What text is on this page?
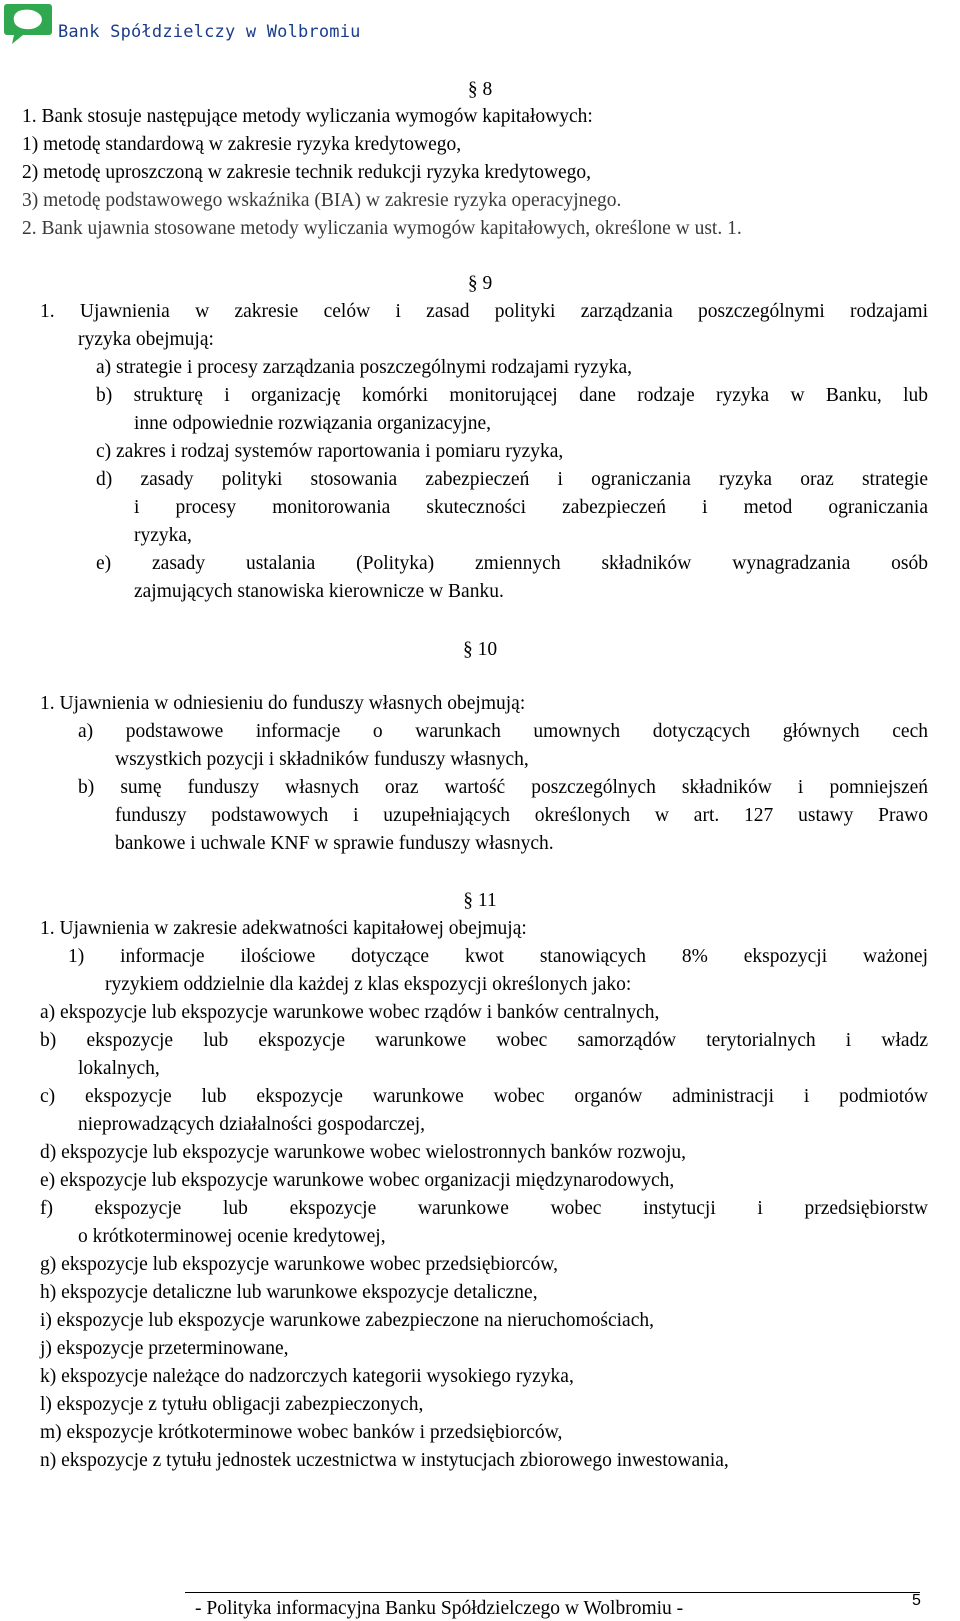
Bank Spółdzielczy w Wolbromiu
§ 8
1. Bank stosuje następujące metody wyliczania wymogów kapitałowych:
1) metodę standardową w zakresie ryzyka kredytowego,
2) metodę uproszczoną w zakresie technik redukcji ryzyka kredytowego,
3) metodę podstawowego wskaźnika (BIA) w zakresie ryzyka operacyjnego.
2. Bank ujawnia stosowane metody wyliczania wymogów kapitałowych, określone w ust. 1.
§ 9
1. Ujawnienia w zakresie celów i zasad polityki zarządzania poszczególnymi rodzajami
ryzyka obejmują:
a) strategie i procesy zarządzania poszczególnymi rodzajami ryzyka,
b) strukturę i organizację komórki monitorującej dane rodzaje ryzyka w Banku, lub
inne odpowiednie rozwiązania organizacyjne,
c) zakres i rodzaj systemów raportowania i pomiaru ryzyka,
d) zasady polityki stosowania zabezpieczeń i ograniczania ryzyka oraz strategie
i procesy monitorowania skuteczności zabezpieczeń i metod ograniczania
ryzyka,
e) zasady ustalania (Polityka) zmiennych składników wynagradzania osób
zajmujących stanowiska kierownicze w Banku.
§ 10
1. Ujawnienia w odniesieniu do funduszy własnych obejmują:
a) podstawowe informacje o warunkach umownych dotyczących głównych cech
wszystkich pozycji i składników funduszy własnych,
b) sumę funduszy własnych oraz wartość poszczególnych składników i pomniejszeń
funduszy podstawowych i uzupełniających określonych w art. 127 ustawy Prawo
bankowe i uchwale KNF w sprawie funduszy własnych.
§ 11
1. Ujawnienia w zakresie adekwatności kapitałowej obejmują:
1) informacje ilościowe dotyczące kwot stanowiących 8% ekspozycji ważonej
ryzykiem oddzielnie dla każdej z klas ekspozycji określonych jako:
a) ekspozycje lub ekspozycje warunkowe wobec rządów i banków centralnych,
b) ekspozycje lub ekspozycje warunkowe wobec samorządów terytorialnych i władz
lokalnych,
c) ekspozycje lub ekspozycje warunkowe wobec organów administracji i podmiotów
nieprowadzących działalności gospodarczej,
d) ekspozycje lub ekspozycje warunkowe wobec wielostronnych banków rozwoju,
e) ekspozycje lub ekspozycje warunkowe wobec organizacji międzynarodowych,
f) ekspozycje lub ekspozycje warunkowe wobec instytucji i przedsiębiorstw
o krótkoterminowej ocenie kredytowej,
g) ekspozycje lub ekspozycje warunkowe wobec przedsiębiorców,
h) ekspozycje detaliczne lub warunkowe ekspozycje detaliczne,
i) ekspozycje lub ekspozycje warunkowe zabezpieczone na nieruchomościach,
j) ekspozycje przeterminowane,
k) ekspozycje należące do nadzorczych kategorii wysokiego ryzyka,
l) ekspozycje z tytułu obligacji zabezpieczonych,
m) ekspozycje krótkoterminowe wobec banków i przedsiębiorców,
n) ekspozycje z tytułu jednostek uczestnictwa w instytucjach zbiorowego inwestowania,
- Polityka informacyjna Banku Spółdzielczego w Wolbromiu -	5
